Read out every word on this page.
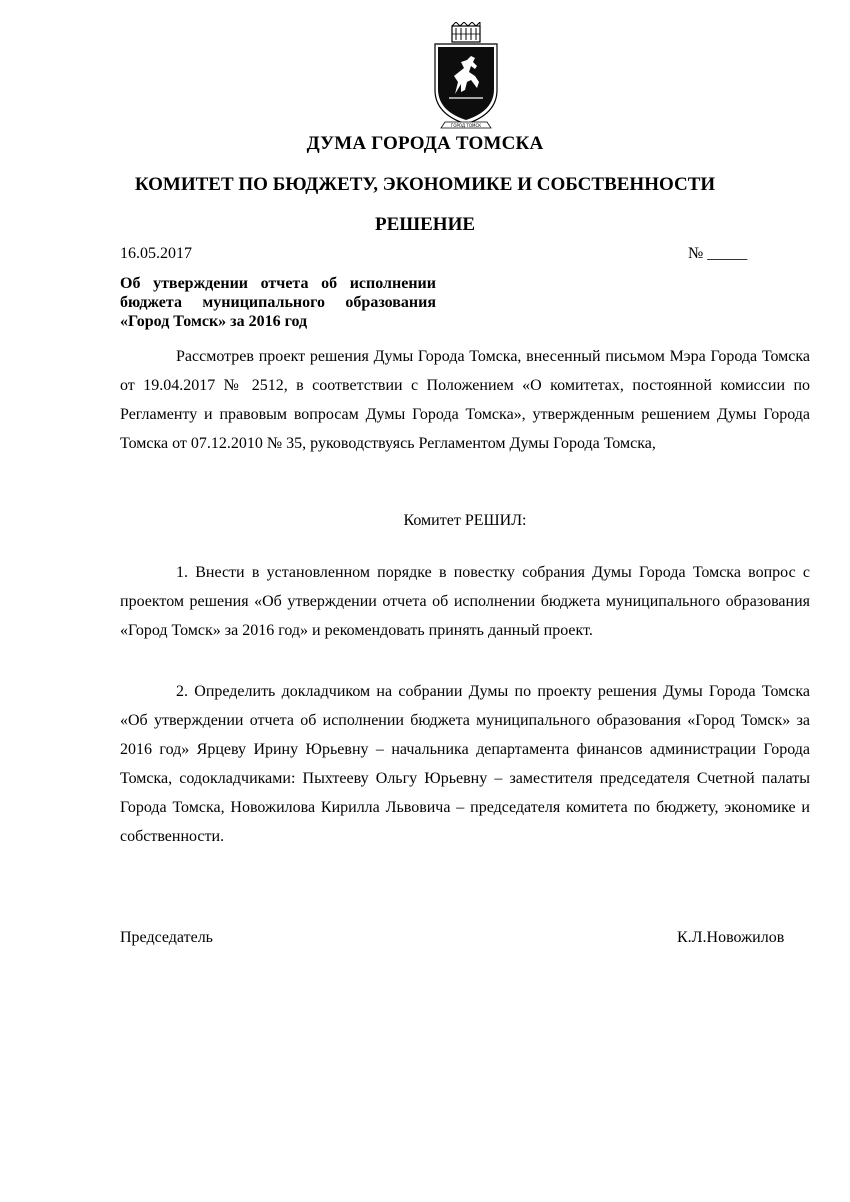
ГОРОД ТОМСК
ДУМА ГОРОДА ТОМСКА
КОМИТЕТ ПО БЮДЖЕТУ, ЭКОНОМИКЕ И СОБСТВЕННОСТИ
РЕШЕНИЕ
16.05.2017	№ _____
Об утверждении отчета об исполнении бюджета муниципального образования «Город Томск» за 2016 год

Рассмотрев проект решения Думы Города Томска, внесенный письмом Мэра Города Томска от 19.04.2017 № 2512, в соответствии с Положением «О комитетах, постоянной комиссии по Регламенту и правовым вопросам Думы Города Томска», утвержденным решением Думы Города Томска от 07.12.2010 № 35, руководствуясь Регламентом Думы Города Томска,

Комитет РЕШИЛ:

1. Внести в установленном порядке в повестку собрания Думы Города Томска вопрос с проектом решения «Об утверждении отчета об исполнении бюджета муниципального образования «Город Томск» за 2016 год» и рекомендовать принять данный проект.

2. Определить докладчиком на собрании Думы по проекту решения Думы Города Томска «Об утверждении отчета об исполнении бюджета муниципального образования «Город Томск» за 2016 год» Ярцеву Ирину Юрьевну – начальника департамента финансов администрации Города Томска, содокладчиками: Пыхтееву Ольгу Юрьевну – заместителя председателя Счетной палаты Города Томска, Новожилова Кирилла Львовича – председателя комитета по бюджету, экономике и собственности.

Председатель	К.Л.Новожилов
